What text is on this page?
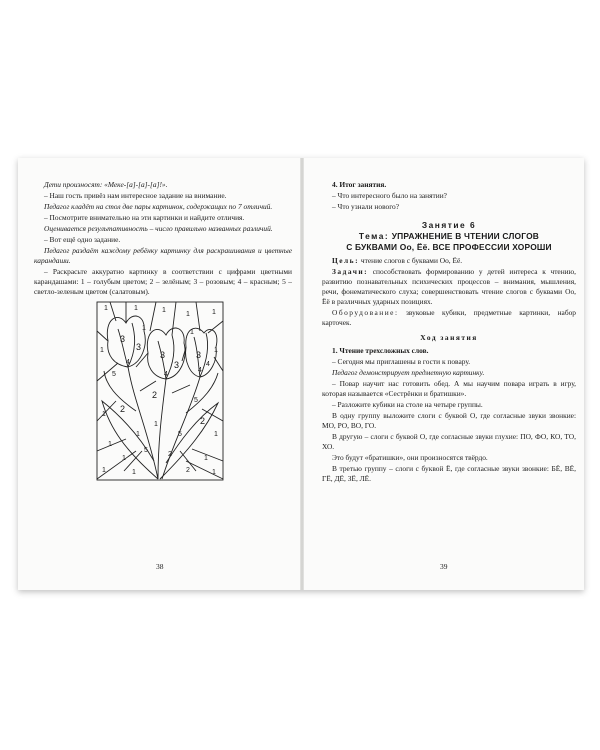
Дети произносят: «Меке-[а]-[а]-[а]!».

– Наш гость привёз нам интересное задание на внимание.

Педагог кладёт на стол две пары картинок, содержащих по 7 отличий.

– Посмотрите внимательно на эти картинки и найдите отличия.

Оценивается результативность – число правильно названных различий.

– Вот ещё одно задание.

Педагог раздаёт каждому ребёнку картинку для раскрашивания и цветные карандаши.

– Раскрасьте аккуратно картинку в соответствии с цифрами цветными карандашами: 1 – голубым цветом; 2 – зелёным; 3 – розовым; 4 – красным; 5 – светло-зеленым цветом (салатовым).

1	1	1
1	1
1	1
3
3
4
3
1
3
1
4
5
4
2
3
4
2
1
5
2
1
1	5
1
5
1	1
2
1	1	2	1
1
38

4. Итог занятия.

– Что интересного было на занятии?

– Что узнали нового?

Занятие 6
Тема: УПРАЖНЕНИЕ В ЧТЕНИИ СЛОГОВ
С БУКВАМИ Оо, Ёё. ВСЕ ПРОФЕССИИ ХОРОШИ

Цель: чтение слогов с буквами Оо, Ёё.

Задачи: способствовать формированию у детей интереса к чтению, развитию познавательных психических процессов – внимания, мышления, речи, фонематического слуха; совершенствовать чтение слогов с буквами Оо, Ёё в различных ударных позициях.

Оборудование: звуковые кубики, предметные картинки, набор карточек.

Ход занятия

1. Чтение трехсложных слов.

– Сегодня мы приглашены в гости к повару.

Педагог демонстрирует предметную картинку.

– Повар научит нас готовить обед. А мы научим повара играть в игру, которая называется «Сестрёнки и братишки».

– Разложите кубики на столе на четыре группы.

В одну группу выложите слоги с буквой О, где согласные звуки звонкие: МО, РО, ВО, ГО.

В другую – слоги с буквой О, где согласные звуки глухие: ПО, ФО, КО, ТО, ХО.

Это будут «братишки», они произносятся твёрдо.

В третью группу – слоги с буквой Ё, где согласные звуки звонкие: БЁ, ВЁ, ГЁ, ДЁ, ЗЁ, ЛЁ.

39
